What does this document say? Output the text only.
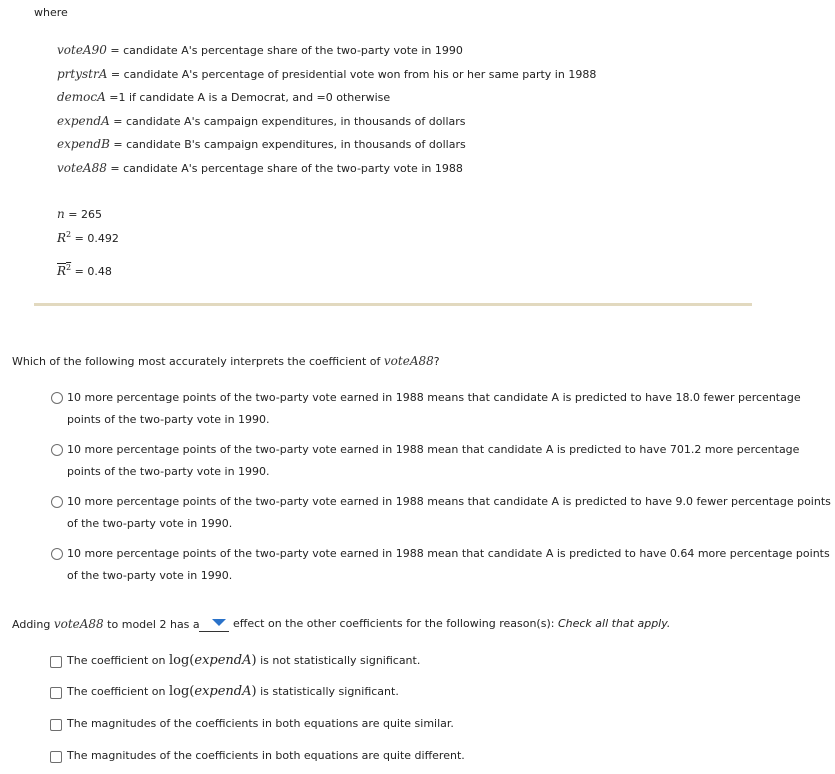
where
voteA90 = candidate A's percentage share of the two-party vote in 1990
prtystrA = candidate A's percentage of presidential vote won from his or her same party in 1988
democA =1 if candidate A is a Democrat, and =0 otherwise
expendA = candidate A's campaign expenditures, in thousands of dollars
expendB = candidate B's campaign expenditures, in thousands of dollars
voteA88 = candidate A's percentage share of the two-party vote in 1988
n = 265
$R^2 = 0.492$
$R^2 = 0.48$
Which of the following most accurately interprets the coefficient of voteA88?
10 more percentage points of the two-party vote earned in 1988 means that candidate A is predicted to have 18.0 fewer percentage
points of the two-party vote in 1990.
10 more percentage points of the two-party vote earned in 1988 mean that candidate A is predicted to have 701.2 more percentage
points of the two-party vote in 1990.
10 more percentage points of the two-party vote earned in 1988 means that candidate A is predicted to have 9.0 fewer percentage points
of the two-party vote in 1990.
10 more percentage points of the two-party vote earned in 1988 mean that candidate A is predicted to have 0.64 more percentage points
of the two-party vote in 1990.
Adding voteA88 to model 2 has a	effect on the other coefficients for the following reason(s): Check all that apply.
The coefficient on log(expendA) is not statistically significant.
The coefficient on log(expendA) is statistically significant.
The magnitudes of the coefficients in both equations are quite similar.
The magnitudes of the coefficients in both equations are quite different.
